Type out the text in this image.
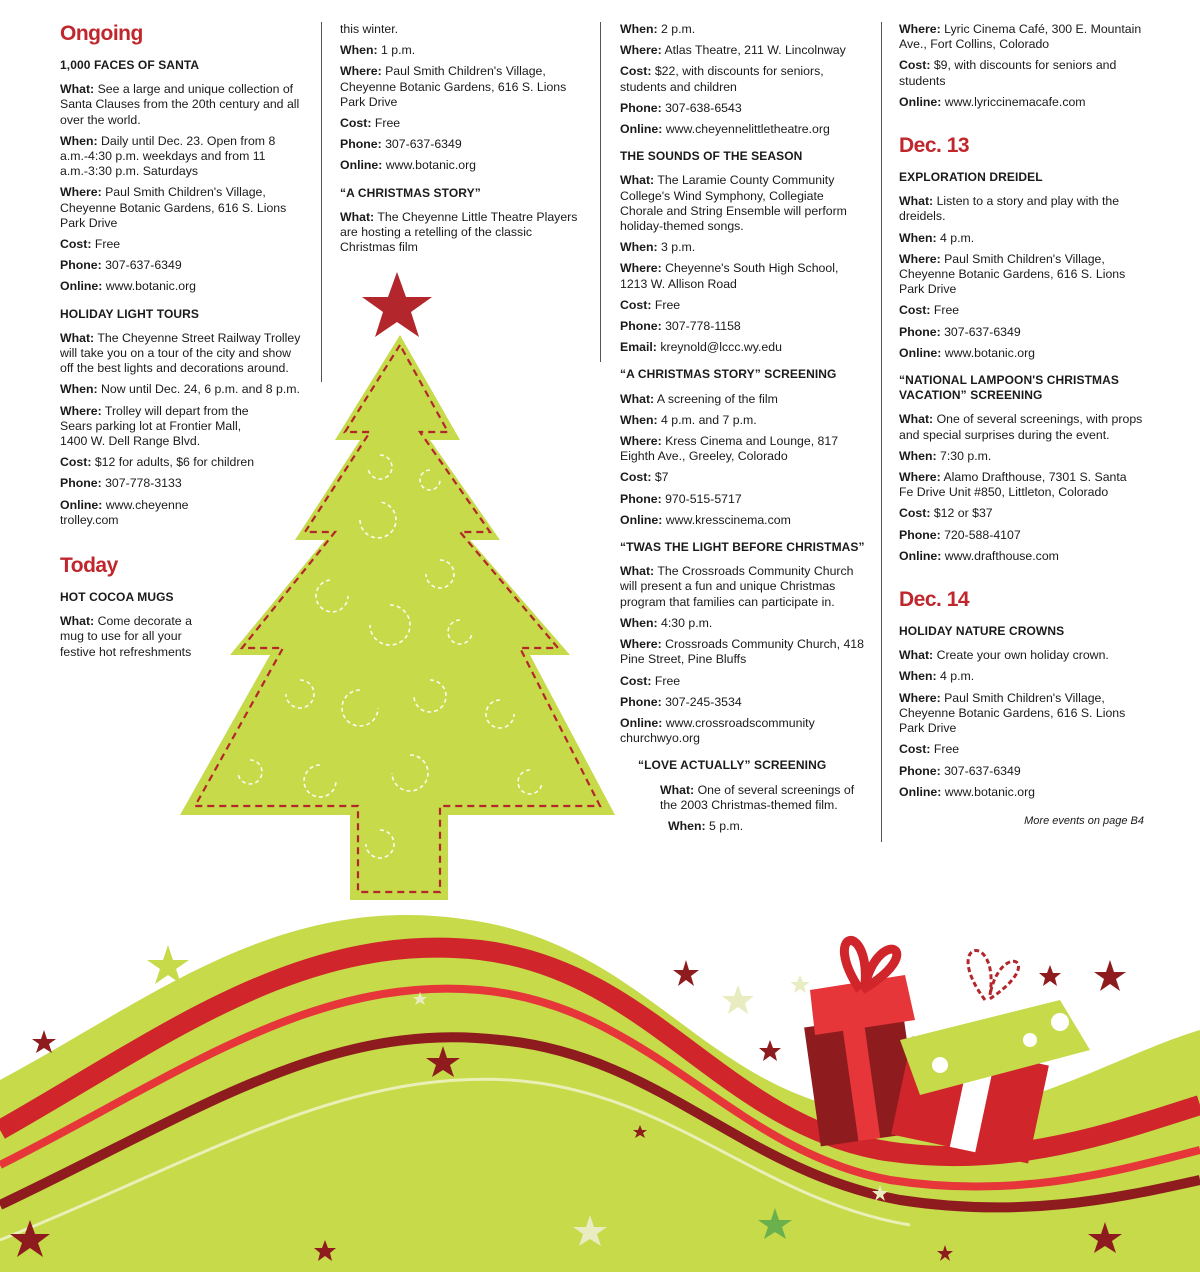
Ongoing
1,000 FACES OF SANTA
What: See a large and unique collection of Santa Clauses from the 20th century and all over the world.
When: Daily until Dec. 23. Open from 8 a.m.-4:30 p.m. weekdays and from 11 a.m.-3:30 p.m. Saturdays
Where: Paul Smith Children's Village, Cheyenne Botanic Gardens, 616 S. Lions Park Drive
Cost: Free
Phone: 307-637-6349
Online: www.botanic.org
HOLIDAY LIGHT TOURS
What: The Cheyenne Street Railway Trolley will take you on a tour of the city and show off the best lights and decorations around.
When: Now until Dec. 24, 6 p.m. and 8 p.m.
Where: Trolley will depart from the Sears parking lot at Frontier Mall, 1400 W. Dell Range Blvd.
Cost: $12 for adults, $6 for children
Phone: 307-778-3133
Online: www.cheyenne trolley.com
Today
HOT COCOA MUGS
What: Come decorate a mug to use for all your festive hot refreshments
this winter.
When: 1 p.m.
Where: Paul Smith Children's Village, Cheyenne Botanic Gardens, 616 S. Lions Park Drive
Cost: Free
Phone: 307-637-6349
Online: www.botanic.org
“A CHRISTMAS STORY”
What: The Cheyenne Little Theatre Players are hosting a retelling of the classic Christmas film
When: 2 p.m.
Where: Atlas Theatre, 211 W. Lincolnway
Cost: $22, with discounts for seniors, students and children
Phone: 307-638-6543
Online: www.cheyennelittletheatre.org
THE SOUNDS OF THE SEASON
What: The Laramie County Community College's Wind Symphony, Collegiate Chorale and String Ensemble will perform holiday-themed songs.
When: 3 p.m.
Where: Cheyenne's South High School, 1213 W. Allison Road
Cost: Free
Phone: 307-778-1158
Email: kreynold@lccc.wy.edu
“A CHRISTMAS STORY” SCREENING
What: A screening of the film
When: 4 p.m. and 7 p.m.
Where: Kress Cinema and Lounge, 817 Eighth Ave., Greeley, Colorado
Cost: $7
Phone: 970-515-5717
Online: www.kresscinema.com
“TWAS THE LIGHT BEFORE CHRISTMAS”
What: The Crossroads Community Church will present a fun and unique Christmas program that families can participate in.
When: 4:30 p.m.
Where: Crossroads Community Church, 418 Pine Street, Pine Bluffs
Cost: Free
Phone: 307-245-3534
Online: www.crossroadscommunity churchwyo.org
“LOVE ACTUALLY” SCREENING
What: One of several screenings of the 2003 Christmas-themed film.
When: 5 p.m.
Where: Lyric Cinema Café, 300 E. Mountain Ave., Fort Collins, Colorado
Cost: $9, with discounts for seniors and students
Online: www.lyriccinemacafe.com
Dec. 13
EXPLORATION DREIDEL
What: Listen to a story and play with the dreidels.
When: 4 p.m.
Where: Paul Smith Children's Village, Cheyenne Botanic Gardens, 616 S. Lions Park Drive
Cost: Free
Phone: 307-637-6349
Online: www.botanic.org
“NATIONAL LAMPOON'S CHRISTMAS VACATION” SCREENING
What: One of several screenings, with props and special surprises during the event.
When: 7:30 p.m.
Where: Alamo Drafthouse, 7301 S. Santa Fe Drive Unit #850, Littleton, Colorado
Cost: $12 or $37
Phone: 720-588-4107
Online: www.drafthouse.com
Dec. 14
HOLIDAY NATURE CROWNS
What: Create your own holiday crown.
When: 4 p.m.
Where: Paul Smith Children's Village, Cheyenne Botanic Gardens, 616 S. Lions Park Drive
Cost: Free
Phone: 307-637-6349
Online: www.botanic.org
More events on page B4
